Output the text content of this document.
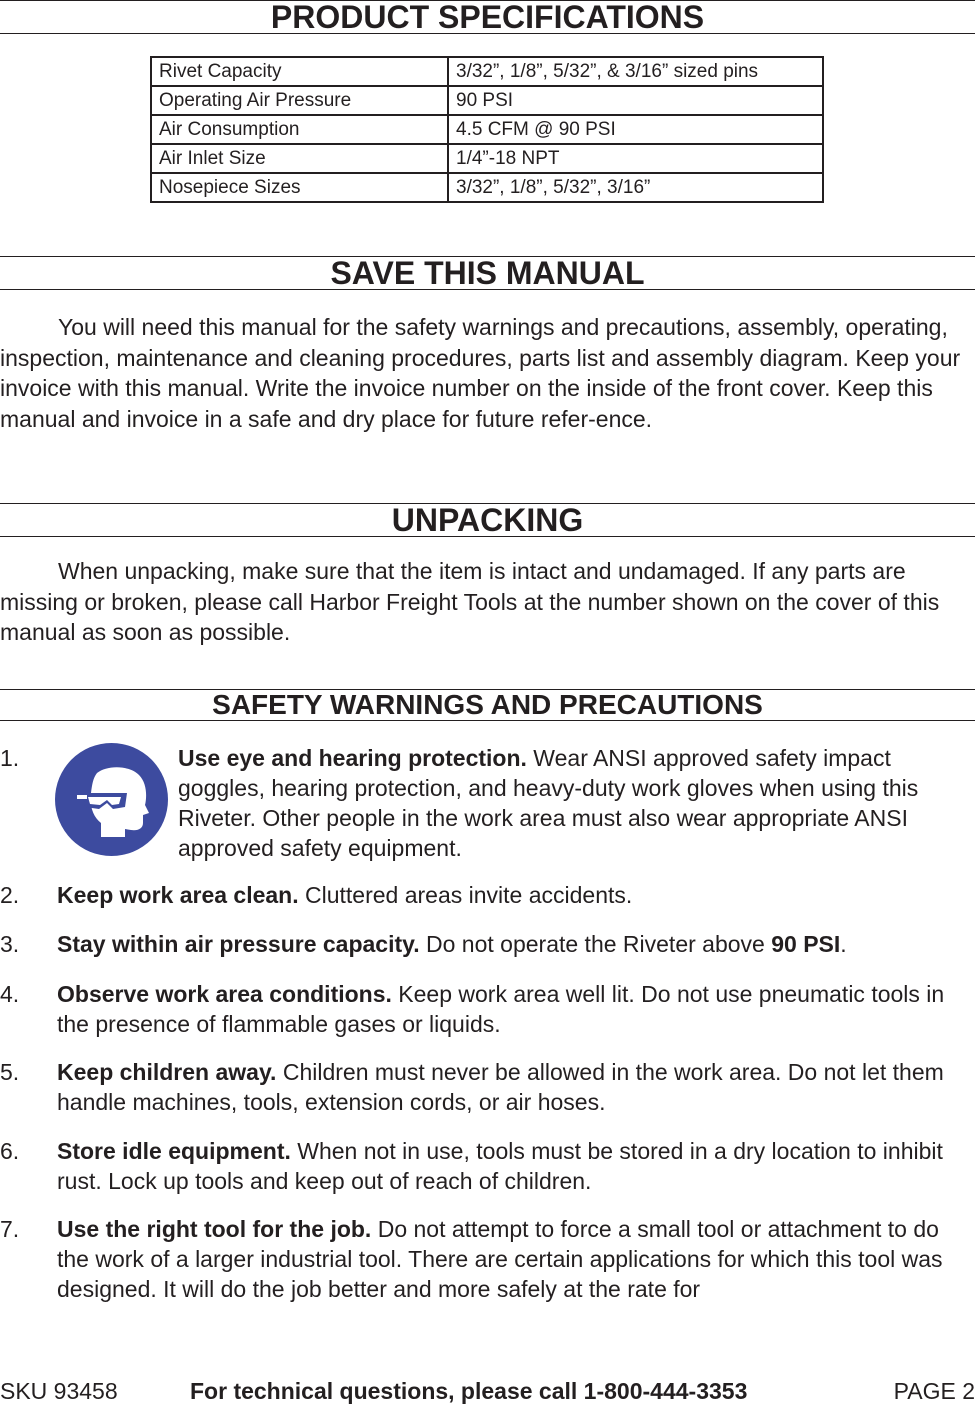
PRODUCT SPECIFICATIONS
Rivet Capacity	3/32”, 1/8”, 5/32”, & 3/16” sized pins
Operating Air Pressure	90 PSI
Air Consumption	4.5 CFM @ 90 PSI
Air Inlet Size	1/4”-18 NPT
Nosepiece Sizes	3/32”, 1/8”, 5/32”, 3/16”
SAVE THIS MANUAL
You will need this manual for the safety warnings and precautions, assembly, operating, inspection, maintenance and cleaning procedures, parts list and assembly diagram. Keep your invoice with this manual. Write the invoice number on the inside of the front cover. Keep this manual and invoice in a safe and dry place for future refer-ence.
UNPACKING
When unpacking, make sure that the item is intact and undamaged. If any parts are missing or broken, please call Harbor Freight Tools at the number shown on the cover of this manual as soon as possible.
SAFETY WARNINGS AND PRECAUTIONS
1.	Use eye and hearing protection. Wear ANSI approved safety impact goggles, hearing protection, and heavy-duty work gloves when using this Riveter. Other people in the work area must also wear appropriate ANSI approved safety equipment.
2. Keep work area clean. Cluttered areas invite accidents.
3. Stay within air pressure capacity. Do not operate the Riveter above 90 PSI.
4. Observe work area conditions. Keep work area well lit. Do not use pneumatic tools in the presence of flammable gases or liquids.
5. Keep children away. Children must never be allowed in the work area. Do not let them handle machines, tools, extension cords, or air hoses.
6. Store idle equipment. When not in use, tools must be stored in a dry location to inhibit rust. Lock up tools and keep out of reach of children.
7. Use the right tool for the job. Do not attempt to force a small tool or attachment to do the work of a larger industrial tool. There are certain applications for which this tool was designed. It will do the job better and more safely at the rate for
SKU 93458	For technical questions, please call 1-800-444-3353	PAGE 2
